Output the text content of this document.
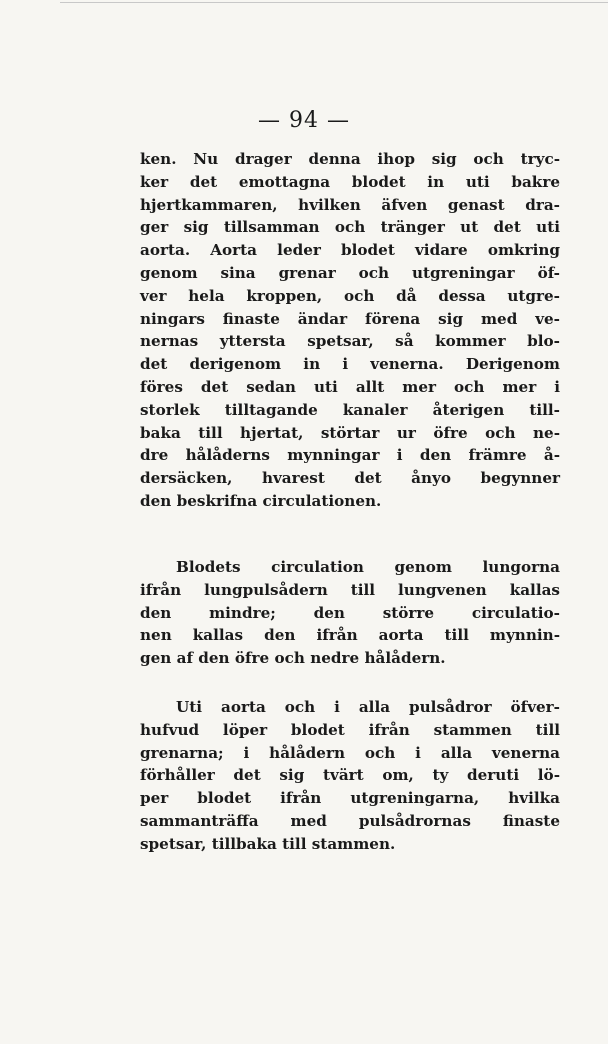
— 94 —
ken. Nu drager denna ihop sig och tryc-
ker det emottagna blodet in uti bakre
hjertkammaren, hvilken äfven genast dra-
ger sig tillsamman och tränger ut det uti
aorta. Aorta leder blodet vidare omkring
genom sina grenar och utgreningar öf-
ver hela kroppen, och då dessa utgre-
ningars finaste ändar förena sig med ve-
nernas yttersta spetsar, så kommer blo-
det derigenom in i venerna. Derigenom
föres det sedan uti allt mer och mer i
storlek tilltagande kanaler återigen till-
baka till hjertat, störtar ur öfre och ne-
dre hålåderns mynningar i den främre å-
dersäcken, hvarest det ånyo begynner
den beskrifna circulationen.
Blodets circulation genom lungorna
ifrån lungpulsådern till lungvenen kallas
den mindre; den större circulatio-
nen kallas den ifrån aorta till mynnin-
gen af den öfre och nedre hålådern.
Uti aorta och i alla pulsådror öfver-
hufvud löper blodet ifrån stammen till
grenarna; i hålådern och i alla venerna
förhåller det sig tvärt om, ty deruti lö-
per blodet ifrån utgreningarna, hvilka
sammanträffa med pulsådrornas finaste
spetsar, tillbaka till stammen.
